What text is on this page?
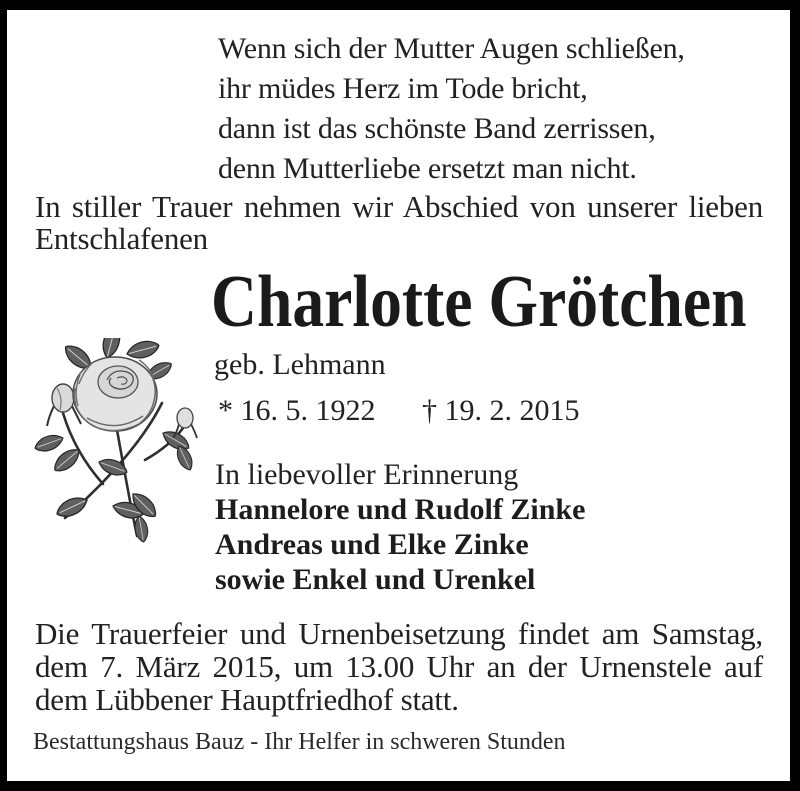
Wenn sich der Mutter Augen schließen,
ihr müdes Herz im Tode bricht,
dann ist das schönste Band zerrissen,
denn Mutterliebe ersetzt man nicht.
In stiller Trauer nehmen wir Abschied von unserer lieben
Entschlafenen
Charlotte Grötchen
geb. Lehmann
* 16. 5. 1922 † 19. 2. 2015
In liebevoller Erinnerung
Hannelore und Rudolf Zinke
Andreas und Elke Zinke
sowie Enkel und Urenkel
Die Trauerfeier und Urnenbeisetzung findet am Samstag,
dem 7. März 2015, um 13.00 Uhr an der Urnenstele auf
dem Lübbener Hauptfriedhof statt.
Bestattungshaus Bauz - Ihr Helfer in schweren Stunden
